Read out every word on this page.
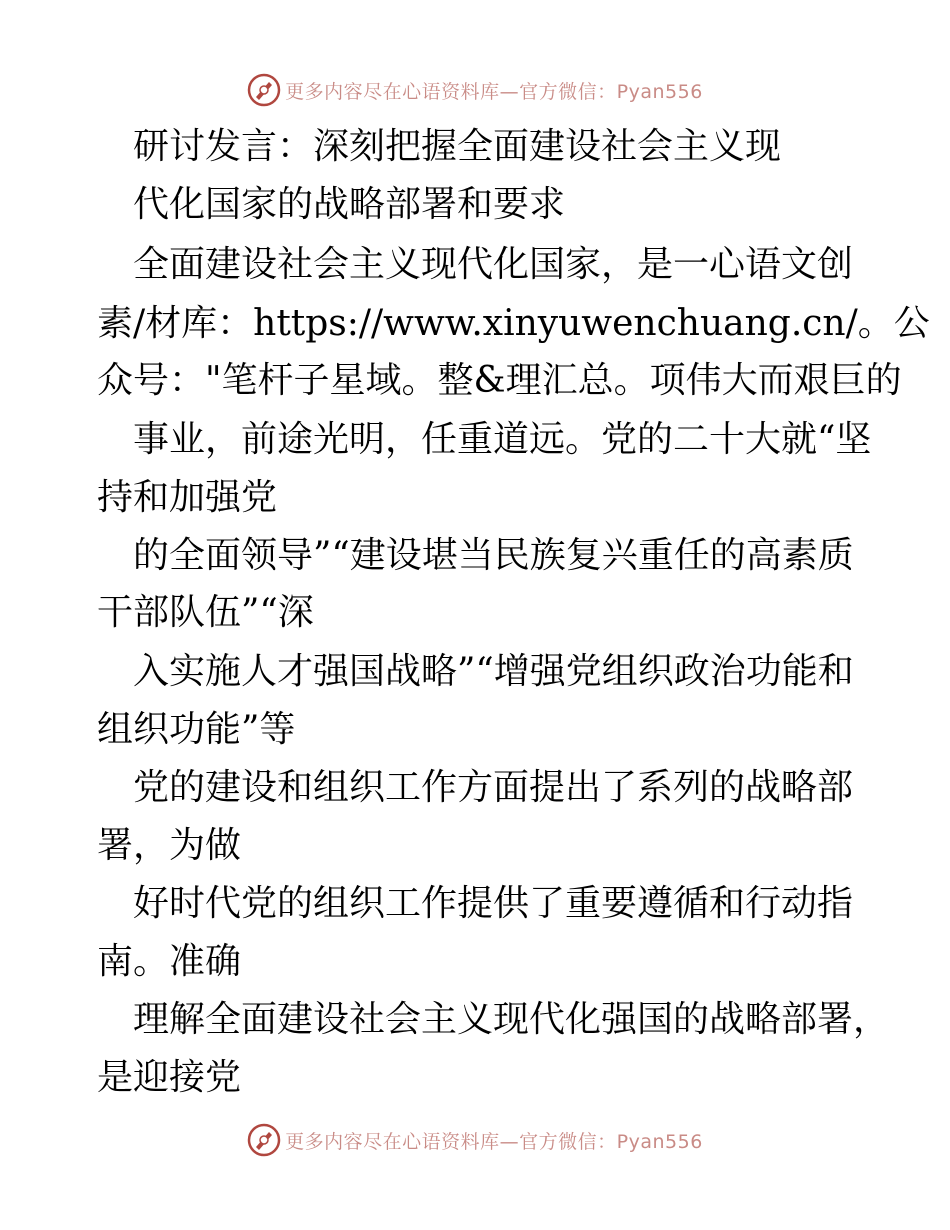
更多内容尽在心语资料库—官方微信：Pyan556
研讨发言：深刻把握全面建设社会主义现
代化国家的战略部署和要求
全面建设社会主义现代化国家，是一心语文创
素/材库：https://www.xinyuwenchuang.cn/。公
众号："笔杆子星域。整&理汇总。项伟大而艰巨的
事业，前途光明，任重道远。党的二十大就“坚
持和加强党
的全面领导”“建设堪当民族复兴重任的高素质
干部队伍”“深
入实施人才强国战略”“增强党组织政治功能和
组织功能”等
党的建设和组织工作方面提出了系列的战略部
署，为做
好时代党的组织工作提供了重要遵循和行动指
南。准确
理解全面建设社会主义现代化强国的战略部署，
是迎接党
更多内容尽在心语资料库—官方微信：Pyan556
